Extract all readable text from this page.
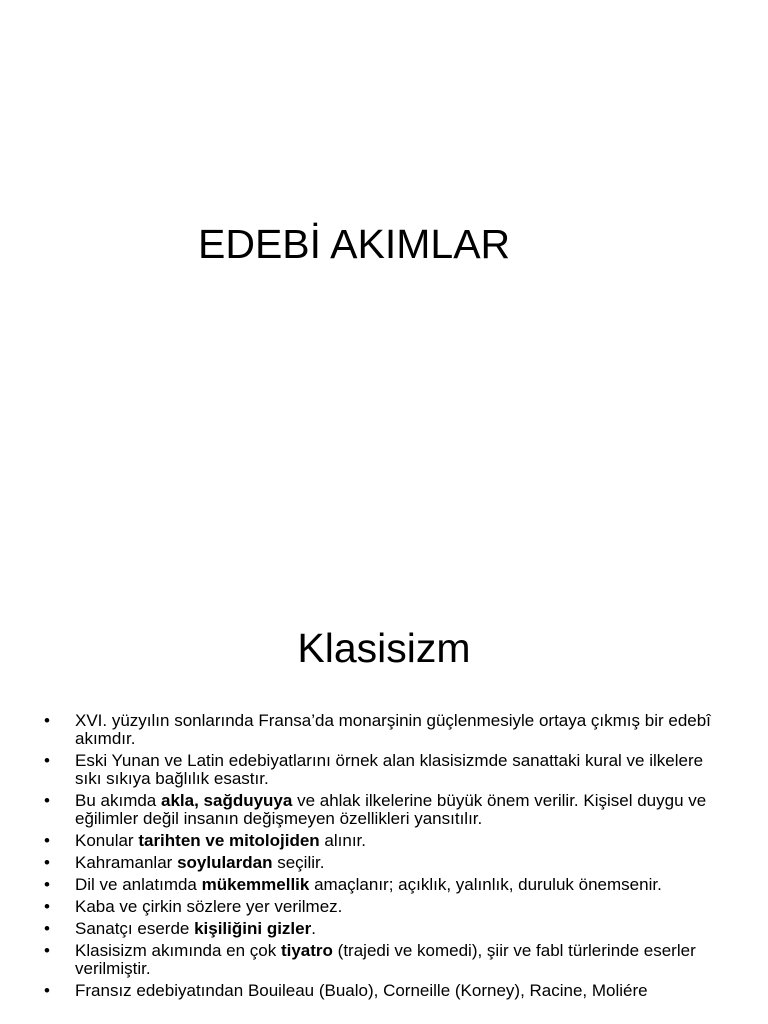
EDEBİ AKIMLAR
Klasisizm
• XVI. yüzyılın sonlarında Fransa’da monarşinin güçlenmesiyle ortaya çıkmış bir edebî akımdır.
• Eski Yunan ve Latin edebiyatlarını örnek alan klasisizmde sanattaki kural ve ilkelere sıkı sıkıya bağlılık esastır.
• Bu akımda akla, sağduyuya ve ahlak ilkelerine büyük önem verilir. Kişisel duygu ve eğilimler değil insanın değişmeyen özellikleri yansıtılır.
• Konular tarihten ve mitolojiden alınır.
• Kahramanlar soylulardan seçilir.
• Dil ve anlatımda mükemmellik amaçlanır; açıklık, yalınlık, duruluk önemsenir.
• Kaba ve çirkin sözlere yer verilmez.
• Sanatçı eserde kişiliğini gizler.
• Klasisizm akımında en çok tiyatro (trajedi ve komedi), şiir ve fabl türlerinde eserler verilmiştir.
• Fransız edebiyatından Bouileau (Bualo), Corneille (Korney), Racine, Moliére
